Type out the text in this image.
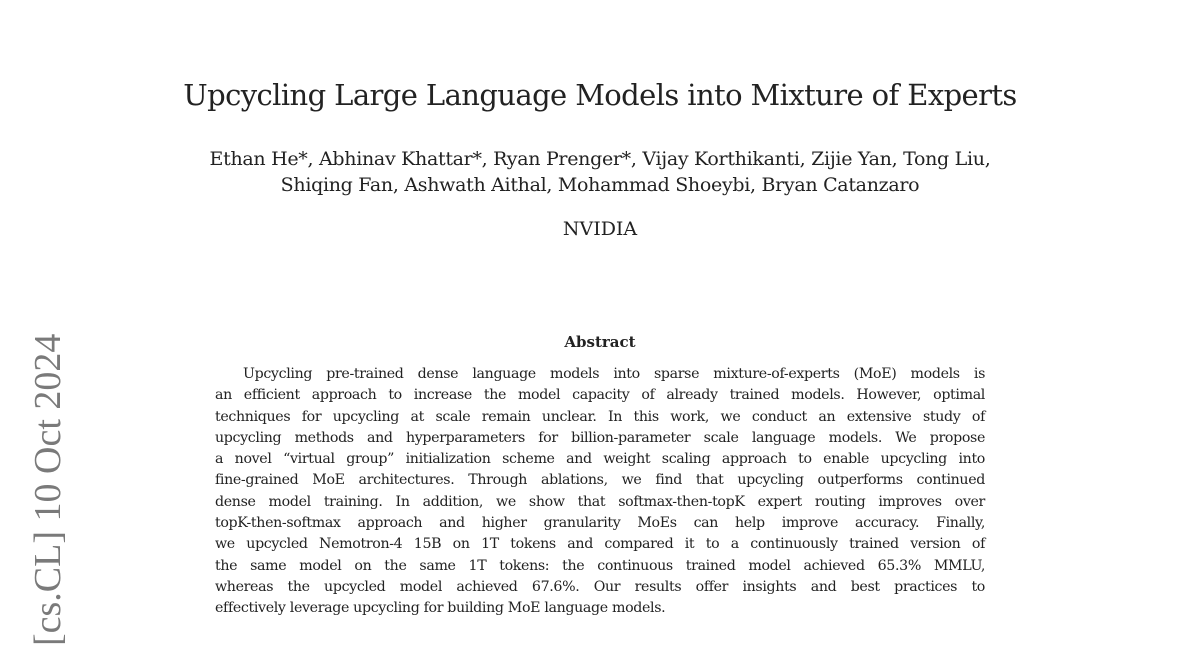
[cs.CL] 10 Oct 2024
Upcycling Large Language Models into Mixture of Experts
Ethan He*, Abhinav Khattar*, Ryan Prenger*, Vijay Korthikanti, Zijie Yan, Tong Liu,
Shiqing Fan, Ashwath Aithal, Mohammad Shoeybi, Bryan Catanzaro
NVIDIA
Abstract
Upcycling pre-trained dense language models into sparse mixture-of-experts (MoE) models is
an efficient approach to increase the model capacity of already trained models. However, optimal
techniques for upcycling at scale remain unclear. In this work, we conduct an extensive study of
upcycling methods and hyperparameters for billion-parameter scale language models. We propose
a novel “virtual group” initialization scheme and weight scaling approach to enable upcycling into
fine-grained MoE architectures. Through ablations, we find that upcycling outperforms continued
dense model training. In addition, we show that softmax-then-topK expert routing improves over
topK-then-softmax approach and higher granularity MoEs can help improve accuracy. Finally,
we upcycled Nemotron-4 15B on 1T tokens and compared it to a continuously trained version of
the same model on the same 1T tokens: the continuous trained model achieved 65.3% MMLU,
whereas the upcycled model achieved 67.6%. Our results offer insights and best practices to
effectively leverage upcycling for building MoE language models.
